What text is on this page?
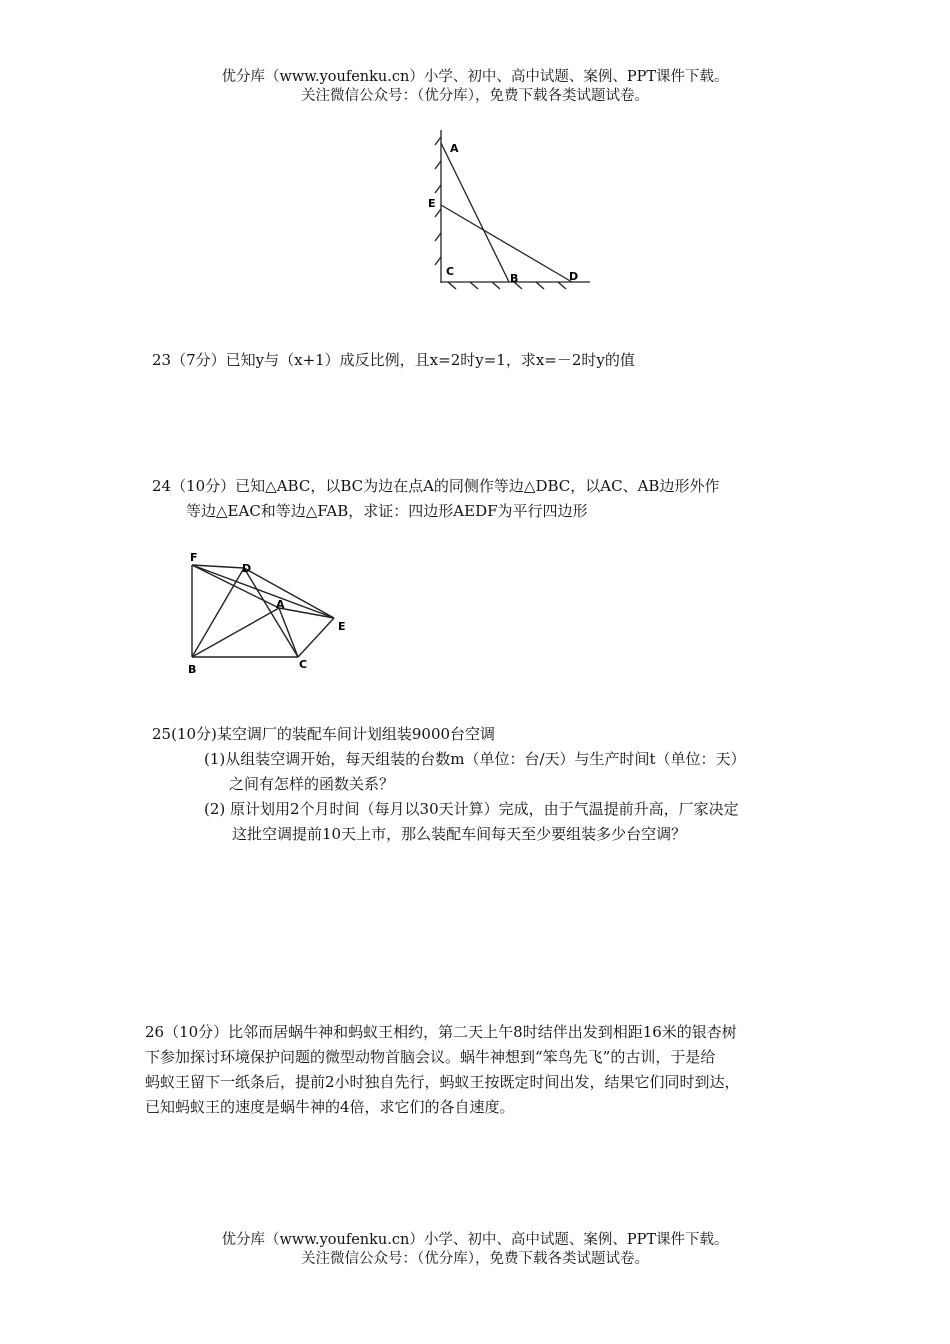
优分库（www.youfenku.cn）小学、初中、高中试题、案例、PPT课件下载。
关注微信公众号：（优分库），免费下载各类试题试卷。
A
E
C
B	D
23（7分）已知y与（x+1）成反比例，且x=2时y=1，求x=－2时y的值
24（10分）已知△ABC，以BC为边在点A的同侧作等边△DBC，以AC、AB边形外作
等边△EAC和等边△FAB，求证：四边形AEDF为平行四边形
F
D
A
E
B	C
25(10分)某空调厂的装配车间计划组装9000台空调
(1)从组装空调开始，每天组装的台数m（单位：台/天）与生产时间t（单位：天）
之间有怎样的函数关系？
(2) 原计划用2个月时间（每月以30天计算）完成，由于气温提前升高，厂家决定
这批空调提前10天上市，那么装配车间每天至少要组装多少台空调？
26（10分）比邻而居蜗牛神和蚂蚁王相约，第二天上午8时结伴出发到相距16米的银杏树
下参加探讨环境保护问题的微型动物首脑会议。蜗牛神想到“笨鸟先飞”的古训，于是给
蚂蚁王留下一纸条后，提前2小时独自先行，蚂蚁王按既定时间出发，结果它们同时到达，
已知蚂蚁王的速度是蜗牛神的4倍，求它们的各自速度。
优分库（www.youfenku.cn）小学、初中、高中试题、案例、PPT课件下载。
关注微信公众号：（优分库），免费下载各类试题试卷。
